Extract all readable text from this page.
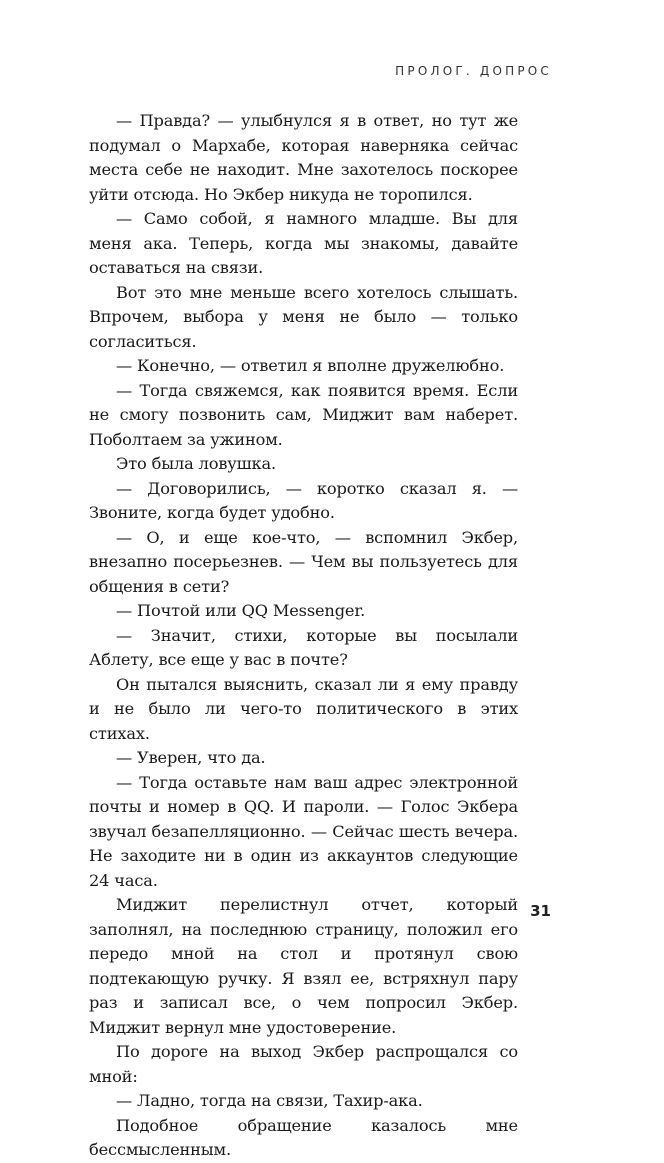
ПРОЛОГ. ДОПРОС

— Правда? — улыбнулся я в ответ, но тут же подумал о Мархабе, которая наверняка сейчас места себе не находит. Мне захотелось поскорее уйти отсюда. Но Экбер никуда не торопился.

— Само собой, я намного младше. Вы для меня ака. Теперь, когда мы знакомы, давайте оставаться на связи.

Вот это мне меньше всего хотелось слышать. Впрочем, выбора у меня не было — только согласиться.

— Конечно, — ответил я вполне дружелюбно.

— Тогда свяжемся, как появится время. Если не смогу позвонить сам, Миджит вам наберет. Поболтаем за ужином.

Это была ловушка.

— Договорились, — коротко сказал я. — Звоните, когда будет удобно.

— О, и еще кое-что, — вспомнил Экбер, внезапно посерьезнев. — Чем вы пользуетесь для общения в сети?

— Почтой или QQ Messenger.

— Значит, стихи, которые вы посылали Аблету, все еще у вас в почте?

Он пытался выяснить, сказал ли я ему правду и не было ли чего-то политического в этих стихах.

— Уверен, что да.

— Тогда оставьте нам ваш адрес электронной почты и номер в QQ. И пароли. — Голос Экбера звучал безапелляционно. — Сейчас шесть вечера. Не заходите ни в один из аккаунтов следующие 24 часа.

Миджит перелистнул отчет, который заполнял, на последнюю страницу, положил его передо мной на стол и протянул свою подтекающую ручку. Я взял ее, встряхнул пару раз и записал все, о чем попросил Экбер. Миджит вернул мне удостоверение.

По дороге на выход Экбер распрощался со мной:

— Ладно, тогда на связи, Тахир-ака.

Подобное обращение казалось мне бессмысленным.

31
